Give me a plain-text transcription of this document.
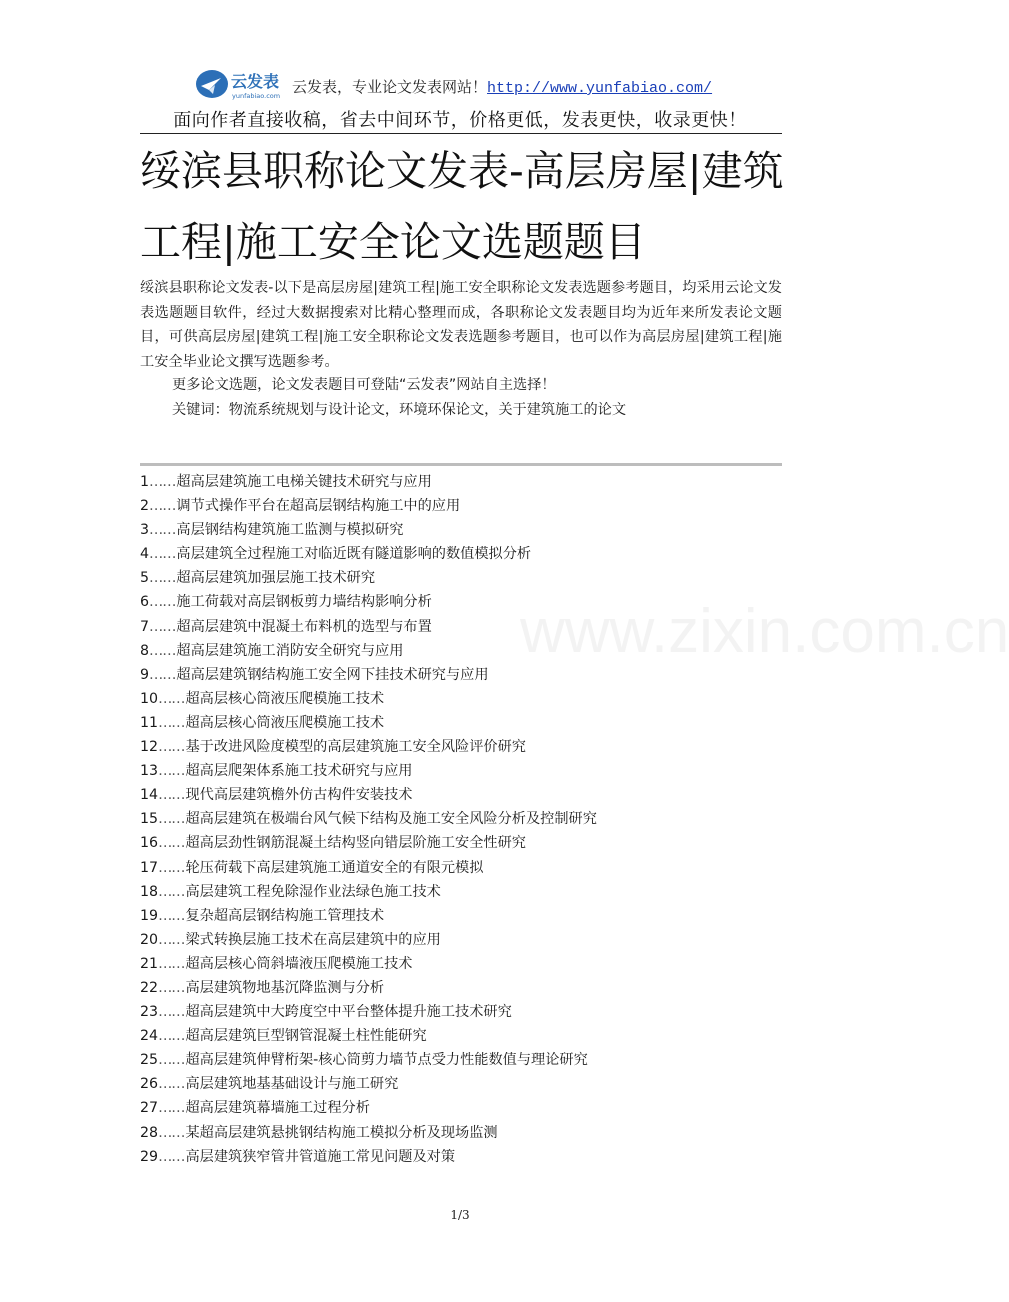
云发表
yunfabiao.com 云发表，专业论文发表网站！http://www.yunfabiao.com/
面向作者直接收稿，省去中间环节，价格更低，发表更快，收录更快！
绥滨县职称论文发表-高层房屋|建筑工程|施工安全论文选题题目

绥滨县职称论文发表-以下是高层房屋|建筑工程|施工安全职称论文发表选题参考题目，均采用云论文发表选题题目软件，经过大数据搜索对比精心整理而成，各职称论文发表题目均为近年来所发表论文题目，可供高层房屋|建筑工程|施工安全职称论文发表选题参考题目，也可以作为高层房屋|建筑工程|施工安全毕业论文撰写选题参考。

更多论文选题，论文发表题目可登陆“云发表”网站自主选择！
关键词：物流系统规划与设计论文，环境环保论文，关于建筑施工的论文
1……超高层建筑施工电梯关键技术研究与应用
2……调节式操作平台在超高层钢结构施工中的应用
3……高层钢结构建筑施工监测与模拟研究
4……高层建筑全过程施工对临近既有隧道影响的数值模拟分析
5……超高层建筑加强层施工技术研究
6……施工荷载对高层钢板剪力墙结构影响分析
7……超高层建筑中混凝土布料机的选型与布置
8……超高层建筑施工消防安全研究与应用
9……超高层建筑钢结构施工安全网下挂技术研究与应用
10……超高层核心筒液压爬模施工技术
11……超高层核心筒液压爬模施工技术
12……基于改进风险度模型的高层建筑施工安全风险评价研究
13……超高层爬架体系施工技术研究与应用
14……现代高层建筑檐外仿古构件安装技术
15……超高层建筑在极端台风气候下结构及施工安全风险分析及控制研究
16……超高层劲性钢筋混凝土结构竖向错层阶施工安全性研究
17……轮压荷载下高层建筑施工通道安全的有限元模拟
18……高层建筑工程免除湿作业法绿色施工技术
19……复杂超高层钢结构施工管理技术
20……梁式转换层施工技术在高层建筑中的应用
21……超高层核心筒斜墙液压爬模施工技术
22……高层建筑物地基沉降监测与分析
23……超高层建筑中大跨度空中平台整体提升施工技术研究
24……超高层建筑巨型钢管混凝土柱性能研究
25……超高层建筑伸臂桁架-核心筒剪力墙节点受力性能数值与理论研究
26……高层建筑地基基础设计与施工研究
27……超高层建筑幕墙施工过程分析
28……某超高层建筑悬挑钢结构施工模拟分析及现场监测
29……高层建筑狭窄管井管道施工常见问题及对策
www.zixin.com.cn
1/3
